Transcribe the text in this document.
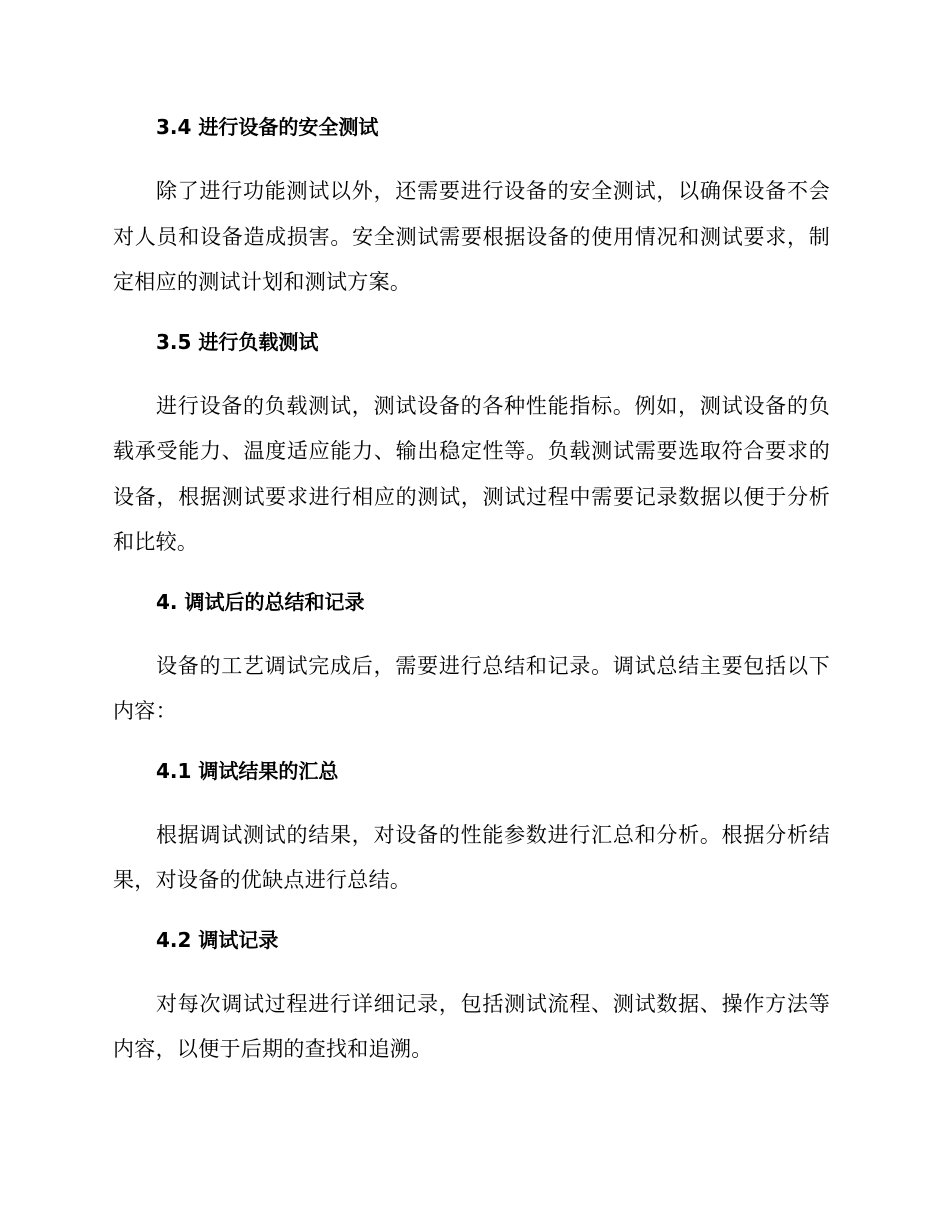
3.4 进行设备的安全测试

除了进行功能测试以外，还需要进行设备的安全测试，以确保设备不会对人员和设备造成损害。安全测试需要根据设备的使用情况和测试要求，制定相应的测试计划和测试方案。

3.5 进行负载测试

进行设备的负载测试，测试设备的各种性能指标。例如，测试设备的负载承受能力、温度适应能力、输出稳定性等。负载测试需要选取符合要求的设备，根据测试要求进行相应的测试，测试过程中需要记录数据以便于分析和比较。

4. 调试后的总结和记录

设备的工艺调试完成后，需要进行总结和记录。调试总结主要包括以下内容：

4.1 调试结果的汇总

根据调试测试的结果，对设备的性能参数进行汇总和分析。根据分析结果，对设备的优缺点进行总结。

4.2 调试记录

对每次调试过程进行详细记录，包括测试流程、测试数据、操作方法等内容，以便于后期的查找和追溯。
